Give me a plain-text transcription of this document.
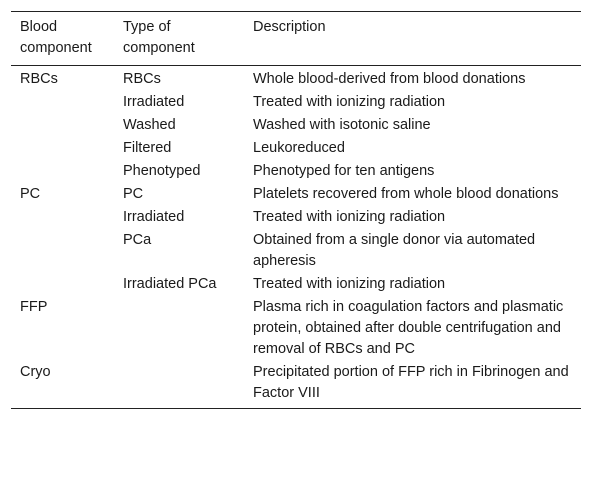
Blood component	Type of component	Description
RBCs	RBCs	Whole blood-derived from blood donations
	Irradiated	Treated with ionizing radiation
	Washed	Washed with isotonic saline
	Filtered	Leukoreduced
	Phenotyped	Phenotyped for ten antigens
PC	PC	Platelets recovered from whole blood donations
	Irradiated	Treated with ionizing radiation
	PCa	Obtained from a single donor via automated apheresis
	Irradiated PCa	Treated with ionizing radiation
FFP		Plasma rich in coagulation factors and plasmatic protein, obtained after double centrifugation and removal of RBCs and PC
Cryo		Precipitated portion of FFP rich in Fibrinogen and Factor VIII
